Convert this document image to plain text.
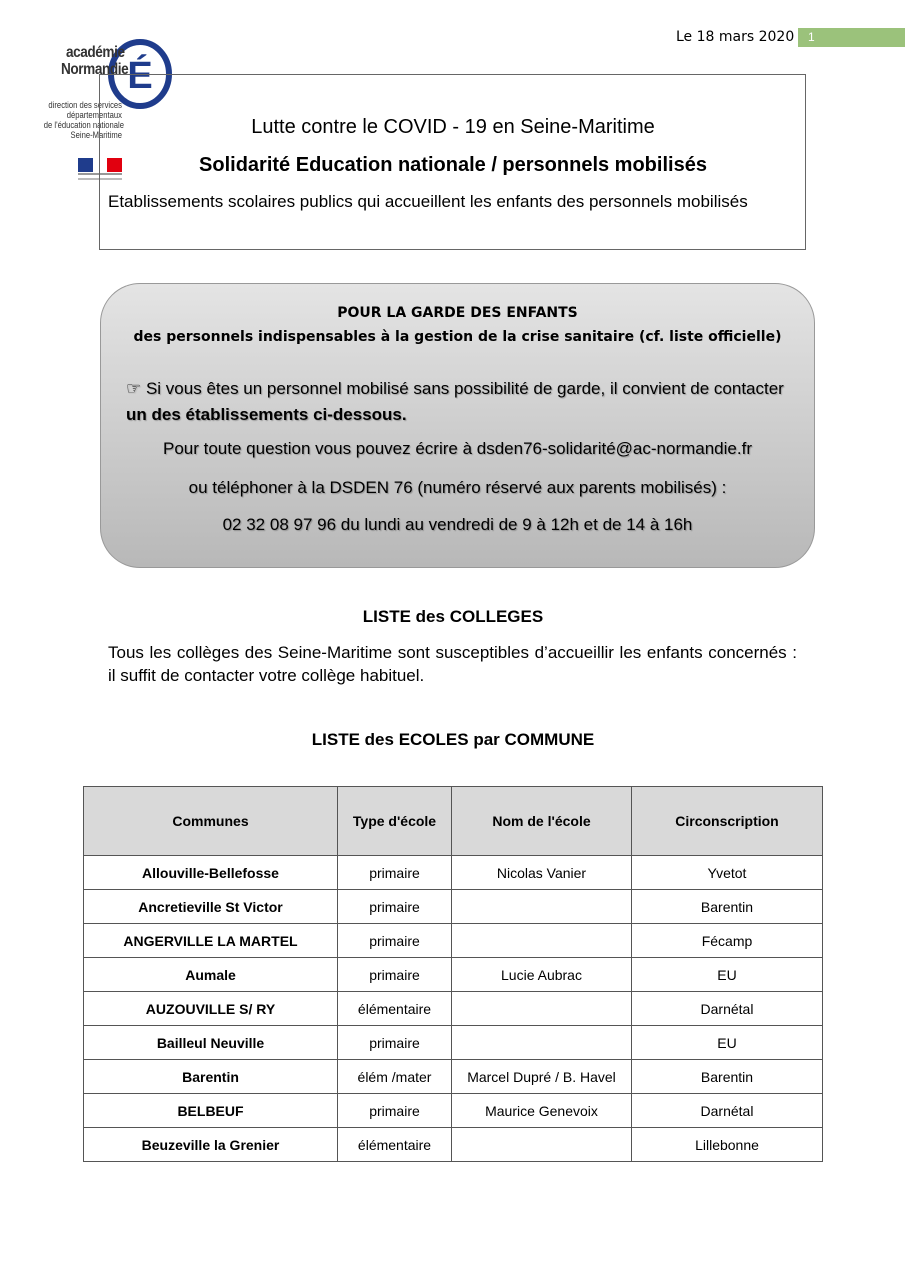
Le 18 mars 2020	1
É
académie
Normandie
direction des services
départementaux
de l'éducation nationale
Seine-Maritime	Lutte contre le COVID - 19 en Seine-Maritime
Solidarité Education nationale / personnels mobilisés
Etablissements scolaires publics qui accueillent les enfants des personnels mobilisés
POUR LA GARDE DES ENFANTS
des personnels indispensables à la gestion de la crise sanitaire (cf. liste officielle)
☞ Si vous êtes un personnel mobilisé sans possibilité de garde, il convient de contacter un des établissements ci-dessous.
Pour toute question vous pouvez écrire à dsden76-solidarité@ac-normandie.fr
ou téléphoner à la DSDEN 76 (numéro réservé aux parents mobilisés) :
02 32 08 97 96 du lundi au vendredi de 9 à 12h et de 14 à 16h
LISTE des COLLEGES
Tous les collèges des Seine-Maritime sont susceptibles d’accueillir les enfants concernés : il suffit de contacter votre collège habituel.
LISTE des ECOLES par COMMUNE
Communes	Type d'école	Nom de l'école	Circonscription
Allouville-Bellefosse	primaire	Nicolas Vanier	Yvetot
Ancretieville St Victor	primaire		Barentin
ANGERVILLE LA MARTEL	primaire		Fécamp
Aumale	primaire	Lucie Aubrac	EU
AUZOUVILLE S/ RY	élémentaire		Darnétal
Bailleul Neuville	primaire		EU
Barentin	élém /mater	Marcel Dupré / B. Havel	Barentin
BELBEUF	primaire	Maurice Genevoix	Darnétal
Beuzeville la Grenier	élémentaire		Lillebonne
